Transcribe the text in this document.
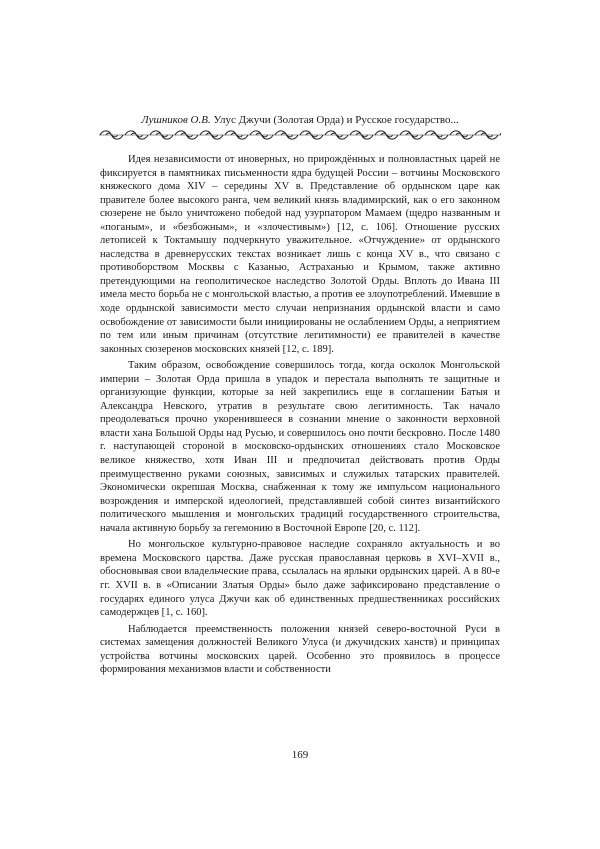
Лушников О.В. Улус Джучи (Золотая Орда) и Русское государство...

Идея независимости от иноверных, но прирождённых и полновластных царей не фиксируется в памятниках письменности ядра будущей России – вотчины Московского княжеского дома XIV – середины XV в. Представление об ордынском царе как правителе более высокого ранга, чем великий князь владимирский, как о его законном сюзерене не было уничтожено победой над узурпатором Мамаем (щедро названным и «поганым», и «безбожным», и «злочестивым») [12, с. 106]. Отношение русских летописей к Токтамышу подчеркнуто уважительное. «Отчуждение» от ордынского наследства в древнерусских текстах возникает лишь с конца XV в., что связано с противоборством Москвы с Казанью, Астраханью и Крымом, также активно претендующими на геополитическое наследство Золотой Орды. Вплоть до Ивана III имела место борьба не с монгольской властью, а против ее злоупотреблений. Имевшие в ходе ордынской зависимости место случаи непризнания ордынской власти и само освобождение от зависимости были инициированы не ослаблением Орды, а неприятием по тем или иным причинам (отсутствие легитимности) ее правителей в качестве законных сюзеренов московских князей [12, с. 189].

Таким образом, освобождение совершилось тогда, когда осколок Монгольской империи – Золотая Орда пришла в упадок и перестала выполнять те защитные и организующие функции, которые за ней закрепились еще в соглашении Батыя и Александра Невского, утратив в результате свою легитимность. Так начало преодолеваться прочно укоренившееся в сознании мнение о законности верховной власти хана Большой Орды над Русью, и совершилось оно почти бескровно. После 1480 г. наступающей стороной в московско-ордынских отношениях стало Московское великое княжество, хотя Иван III и предпочитал действовать против Орды преимущественно руками союзных, зависимых и служилых татарских правителей. Экономически окрепшая Москва, снабженная к тому же импульсом национального возрождения и имперской идеологией, представлявшей собой синтез византийского политического мышления и монгольских традиций государственного строительства, начала активную борьбу за гегемонию в Восточной Европе [20, с. 112].

Но монгольское культурно-правовое наследие сохраняло актуальность и во времена Московского царства. Даже русская православная церковь в XVI–XVII в., обосновывая свои владельческие права, ссылалась на ярлыки ордынских царей. А в 80-е гг. XVII в. в «Описании Златыя Орды» было даже зафиксировано представление о государях единого улуса Джучи как об единственных предшественниках российских самодержцев [1, с. 160].

Наблюдается преемственность положения князей северо-восточной Руси в системах замещения должностей Великого Улуса (и джучидских ханств) и принципах устройства вотчины московских царей. Особенно это проявилось в процессе формирования механизмов власти и собственности

169
